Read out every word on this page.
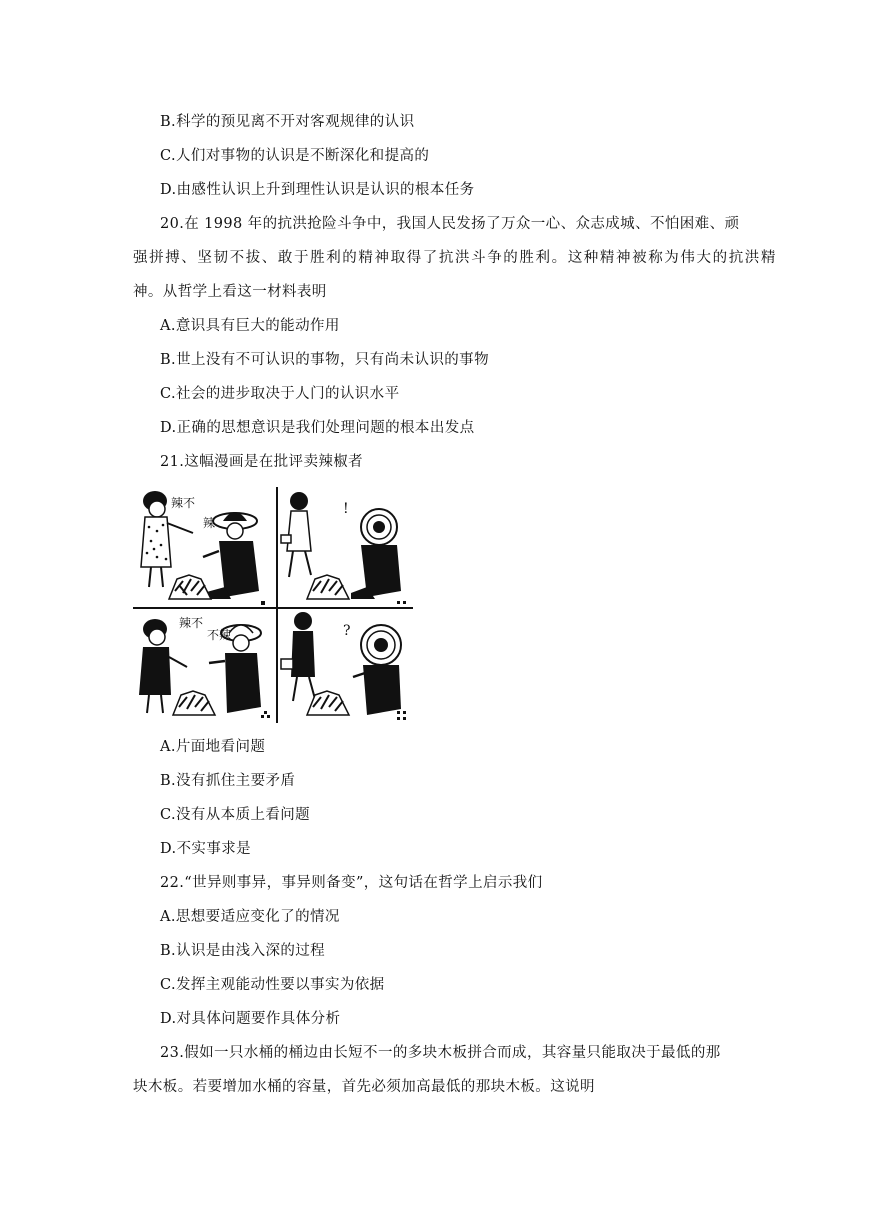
B.科学的预见离不开对客观规律的认识
C.人们对事物的认识是不断深化和提高的
D.由感性认识上升到理性认识是认识的根本任务
20.在 1998 年的抗洪抢险斗争中，我国人民发扬了万众一心、众志成城、不怕困难、顽
强拼搏、坚韧不拔、敢于胜利的精神取得了抗洪斗争的胜利。这种精神被称为伟大的抗洪精
神。从哲学上看这一材料表明
A.意识具有巨大的能动作用
B.世上没有不可认识的事物，只有尚未认识的事物
C.社会的进步取决于人门的认识水平
D.正确的思想意识是我们处理问题的根本出发点
21.这幅漫画是在批评卖辣椒者
辣不
辣
!
辣不
不辣	?
A.片面地看问题
B.没有抓住主要矛盾
C.没有从本质上看问题
D.不实事求是
22.“世异则事异，事异则备变”，这句话在哲学上启示我们
A.思想要适应变化了的情况
B.认识是由浅入深的过程
C.发挥主观能动性要以事实为依据
D.对具体问题要作具体分析
23.假如一只水桶的桶边由长短不一的多块木板拼合而成，其容量只能取决于最低的那
块木板。若要增加水桶的容量，首先必须加高最低的那块木板。这说明
